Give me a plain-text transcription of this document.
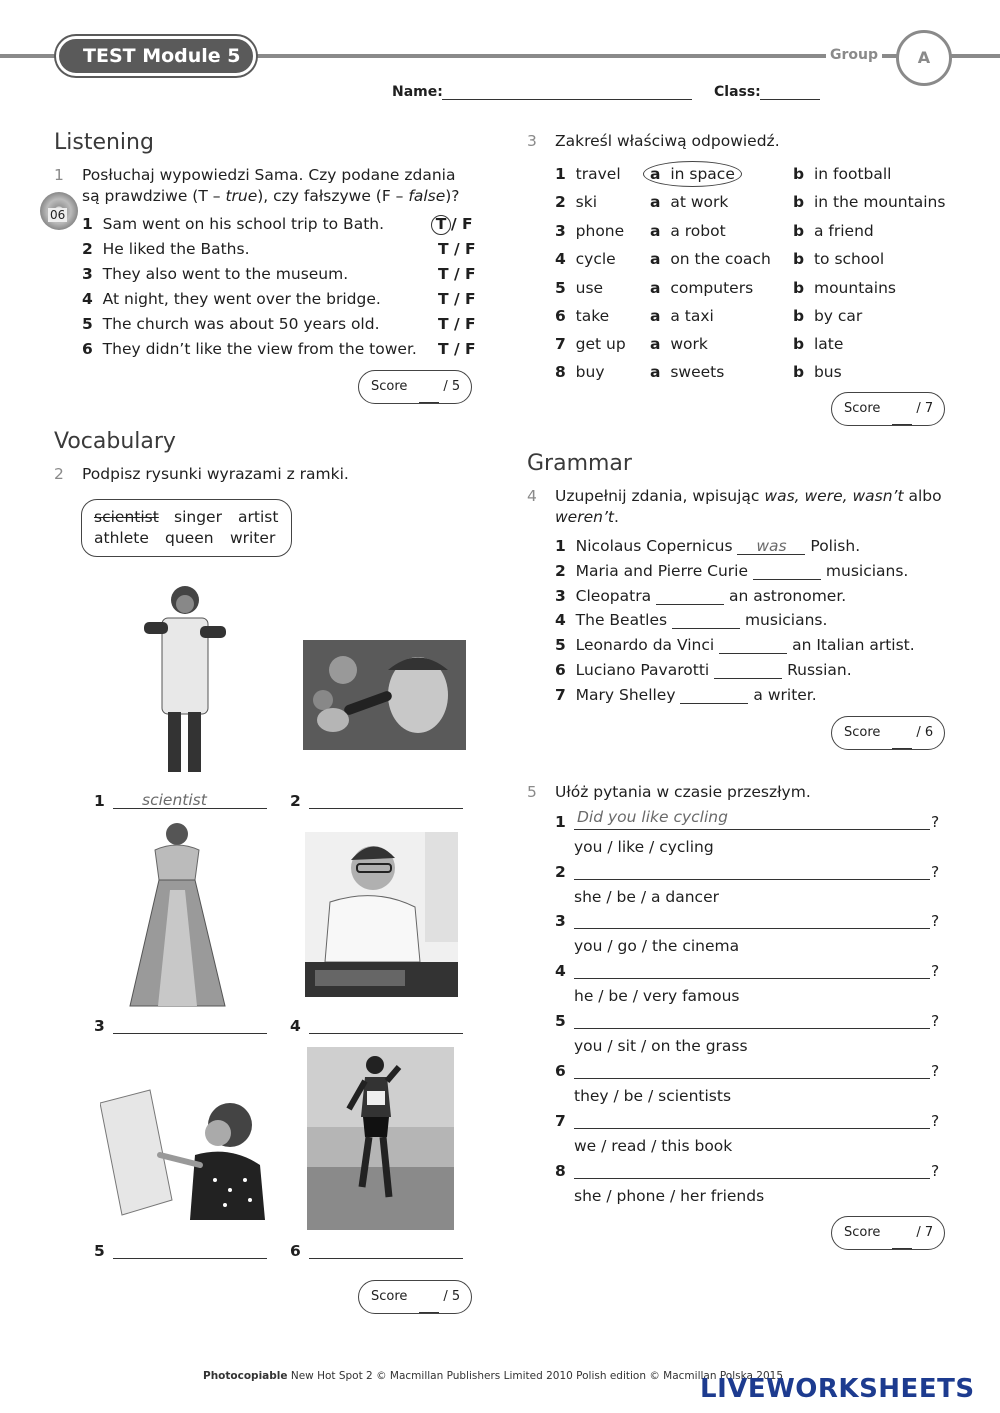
TEST Module 5	Group	A
Name:	Class:
Listening
1 Posłuchaj wypowiedzi Sama. Czy podane zdania
są prawdziwe (T – true), czy fałszywe (F – false)?
06 1 Sam went on his school trip to Bath.	T / F
2 He liked the Baths.	T / F
3 They also went to the museum.	T / F
4 At night, they went over the bridge.	T / F
5 The church was about 50 years old.	T / F
6 They didn’t like the view from the tower. T / F
Score	/ 5
Vocabulary
2 Podpisz rysunki wyrazami z ramki.
scientist singer artist
athlete queen writer
1 scientist	2
3	4
5	6
Score	/ 5
3 Zakreśl właściwą odpowiedź.
1 travel a in space	b in football
2 ski	a at work	b in the mountains
3 phone a a robot	b a friend
4 cycle a on the coach b to school
5 use	a computers	b mountains
6 take	a a taxi	b by car
7 get up a work	b late
8 buy	a sweets	b bus
Score	/ 7
Grammar
4 Uzupełnij zdania, wpisując was, were, wasn’t albo
weren’t.
1 Nicolaus Copernicus was Polish.
2 Maria and Pierre Curie	musicians.
3 Cleopatra	an astronomer.
4 The Beatles	musicians.
5 Leonardo da Vinci	an Italian artist.
6 Luciano Pavarotti	Russian.
7 Mary Shelley	a writer.
Score	/ 6
5 Ułóż pytania w czasie przeszłym.
1 Did you like cycling	?
you / like / cycling
2	?
she / be / a dancer
3	?
you / go / the cinema
4	?
he / be / very famous
5	?
you / sit / on the grass
6	?
they / be / scientists
7	?
we / read / this book
8	?
she / phone / her friends
Score	/ 7
Photocopiable New Hot Spot 2 © Macmillan Publishers Limited 2010 Polish edition © Macmillan Polska 2015
LIVEWORKSHEETS
